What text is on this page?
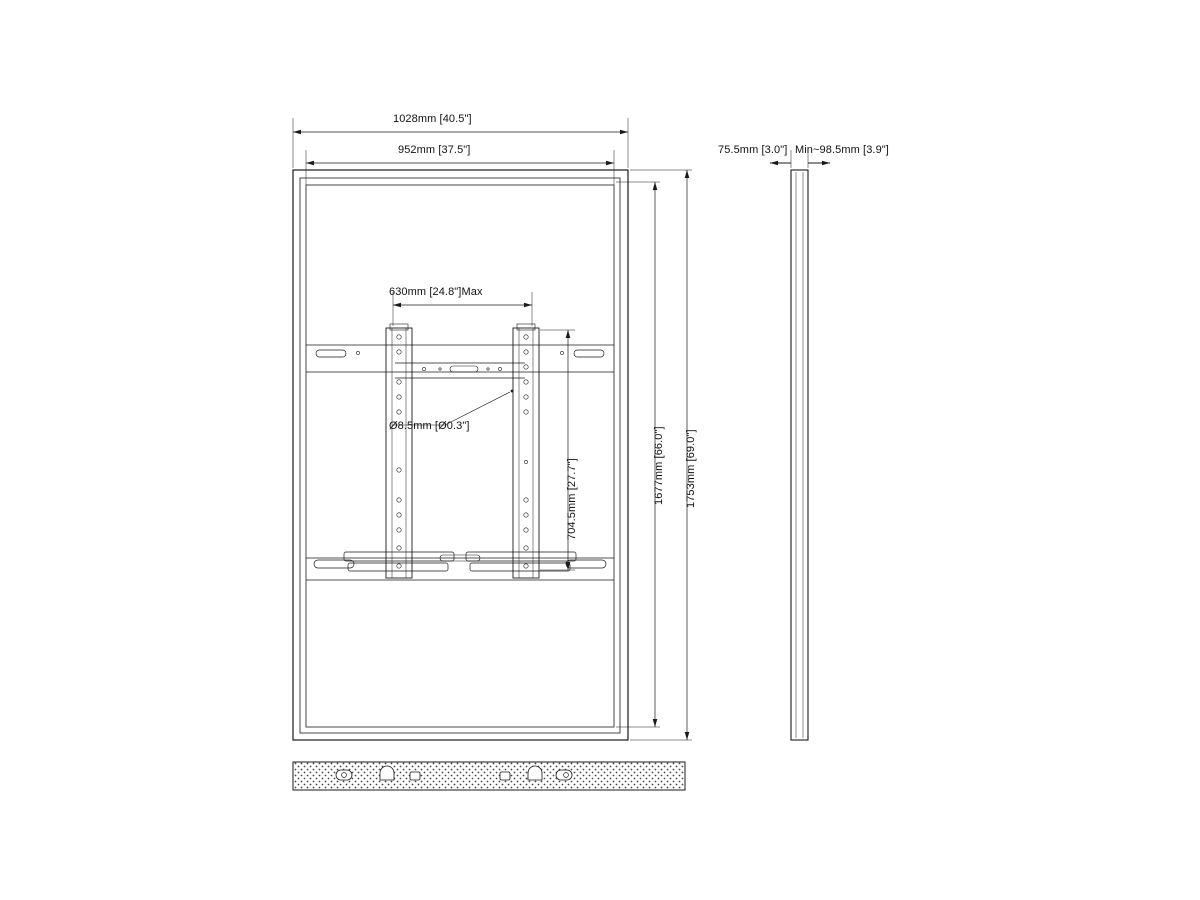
1028mm [40.5"]
952mm [37.5"]
630mm [24.8"]Max
Ø8.5mm [Ø0.3"]
704.5mm [27.7"]	1677mm [66.0"] 1753mm [69.0"]
75.5mm [3.0"] Min~98.5mm [3.9"]
